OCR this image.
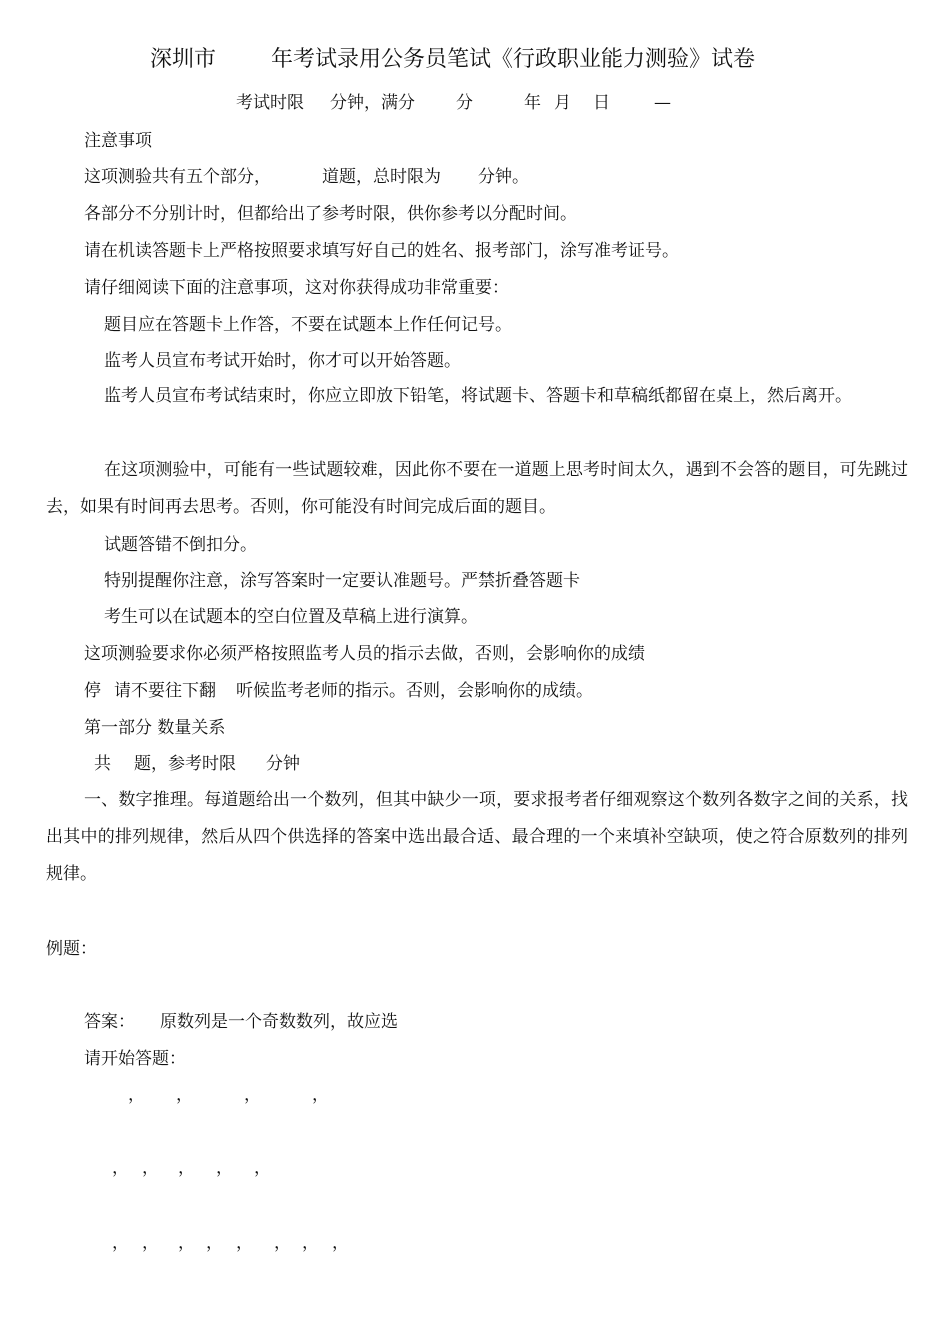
深圳市 年考试录用公务员笔试《行政职业能力测验》试卷
考试时限 分钟，满分 分	年 月 日	—
注意事项
这项测验共有五个部分，	道题，总时限为 分钟。
各部分不分别计时，但都给出了参考时限，供你参考以分配时间。
请在机读答题卡上严格按照要求填写好自己的姓名、报考部门，涂写准考证号。
请仔细阅读下面的注意事项，这对你获得成功非常重要：
题目应在答题卡上作答，不要在试题本上作任何记号。
监考人员宣布考试开始时，你才可以开始答题。
监考人员宣布考试结束时，你应立即放下铅笔，将试题卡、答题卡和草稿纸都留在桌上，然后离开。
在这项测验中，可能有一些试题较难，因此你不要在一道题上思考时间太久，遇到不会答的题目，可先跳过去，如果有时间再去思考。否则，你可能没有时间完成后面的题目。
试题答错不倒扣分。
特别提醒你注意，涂写答案时一定要认准题号。严禁折叠答题卡
考生可以在试题本的空白位置及草稿上进行演算。
这项测验要求你必须严格按照监考人员的指示去做，否则，会影响你的成绩
停 请不要往下翻 听候监考老师的指示。否则，会影响你的成绩。
第一部分 数量关系
共 题，参考时限 分钟
一、数字推理。每道题给出一个数列，但其中缺少一项，要求报考者仔细观察这个数列各数字之间的关系，找出其中的排列规律，然后从四个供选择的答案中选出最合适、最合理的一个来填补空缺项，使之符合原数列的排列规律。
例题：
答案： 原数列是一个奇数数列，故应选
请开始答题：
， ，	，	，
， ， ， ， ，
， ， ， ， ， ， ， ，
